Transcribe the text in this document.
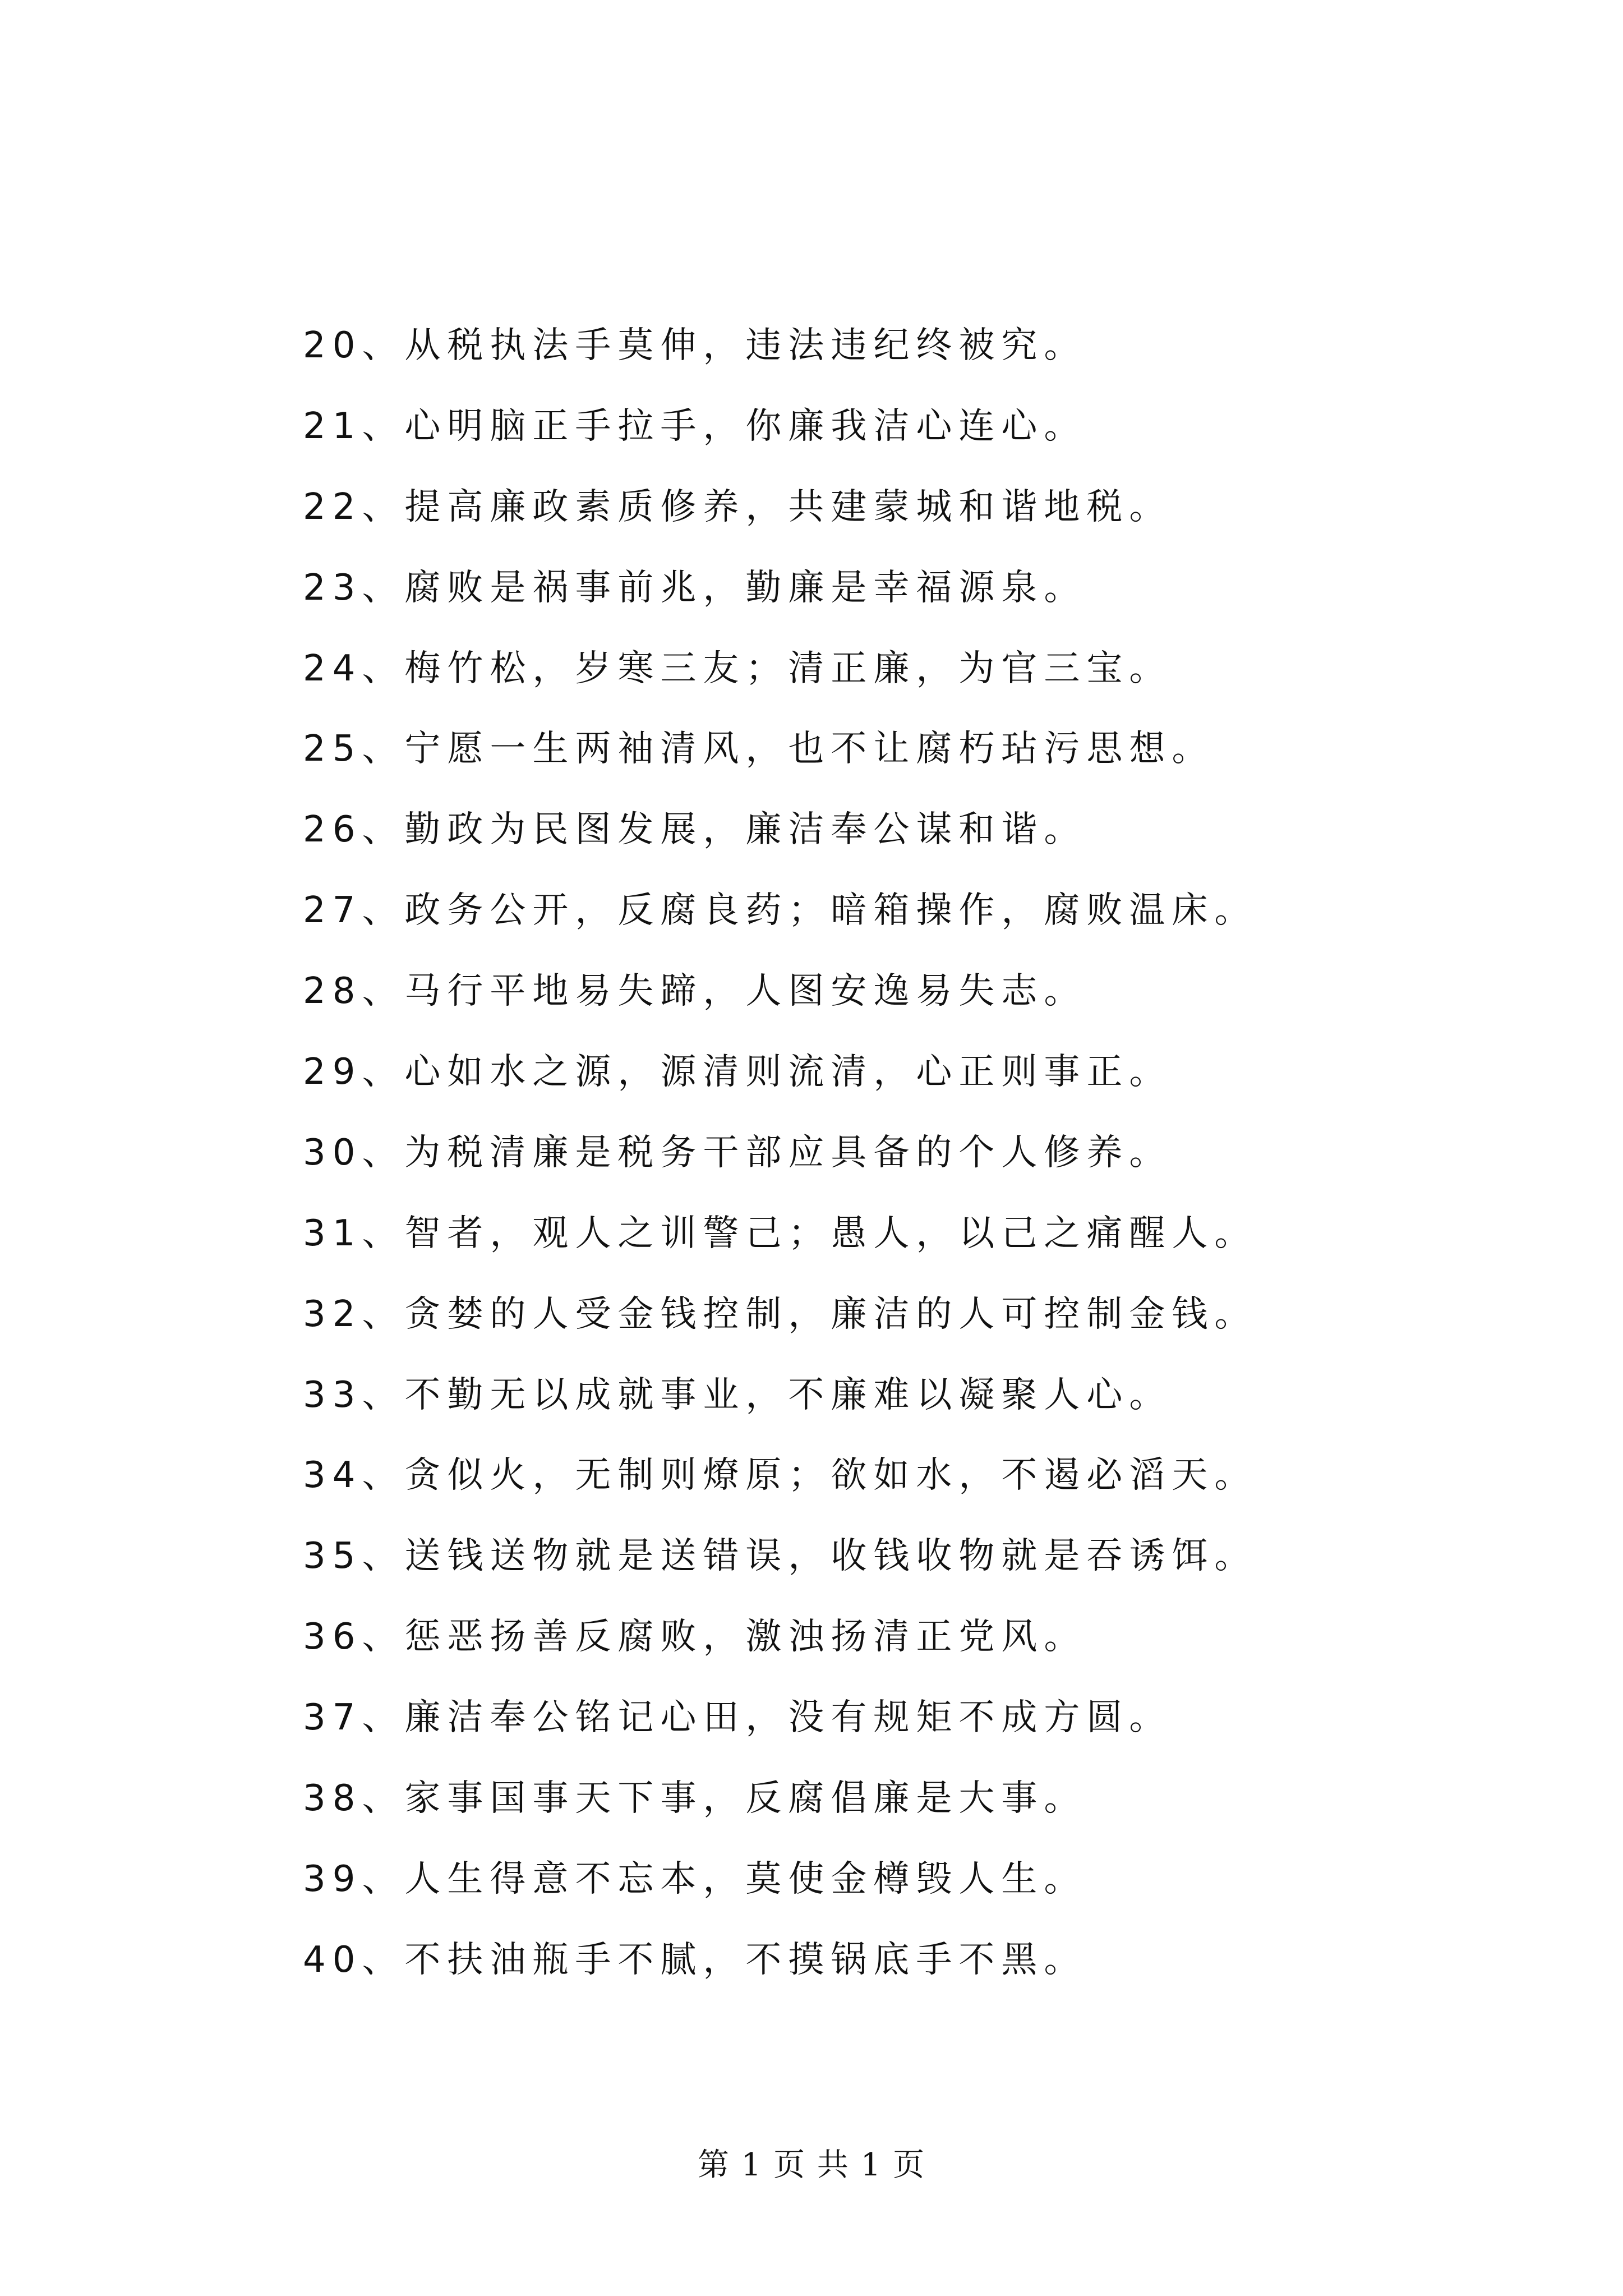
20、从税执法手莫伸，违法违纪终被究。
21、心明脑正手拉手，你廉我洁心连心。
22、提高廉政素质修养，共建蒙城和谐地税。
23、腐败是祸事前兆，勤廉是幸福源泉。
24、梅竹松，岁寒三友；清正廉，为官三宝。
25、宁愿一生两袖清风，也不让腐朽玷污思想。
26、勤政为民图发展，廉洁奉公谋和谐。
27、政务公开，反腐良药；暗箱操作，腐败温床。
28、马行平地易失蹄，人图安逸易失志。
29、心如水之源，源清则流清，心正则事正。
30、为税清廉是税务干部应具备的个人修养。
31、智者，观人之训警己；愚人，以己之痛醒人。
32、贪婪的人受金钱控制，廉洁的人可控制金钱。
33、不勤无以成就事业，不廉难以凝聚人心。
34、贪似火，无制则燎原；欲如水，不遏必滔天。
35、送钱送物就是送错误，收钱收物就是吞诱饵。
36、惩恶扬善反腐败，激浊扬清正党风。
37、廉洁奉公铭记心田，没有规矩不成方圆。
38、家事国事天下事，反腐倡廉是大事。
39、人生得意不忘本，莫使金樽毁人生。
40、不扶油瓶手不腻，不摸锅底手不黑。
第 1 页 共 1 页
